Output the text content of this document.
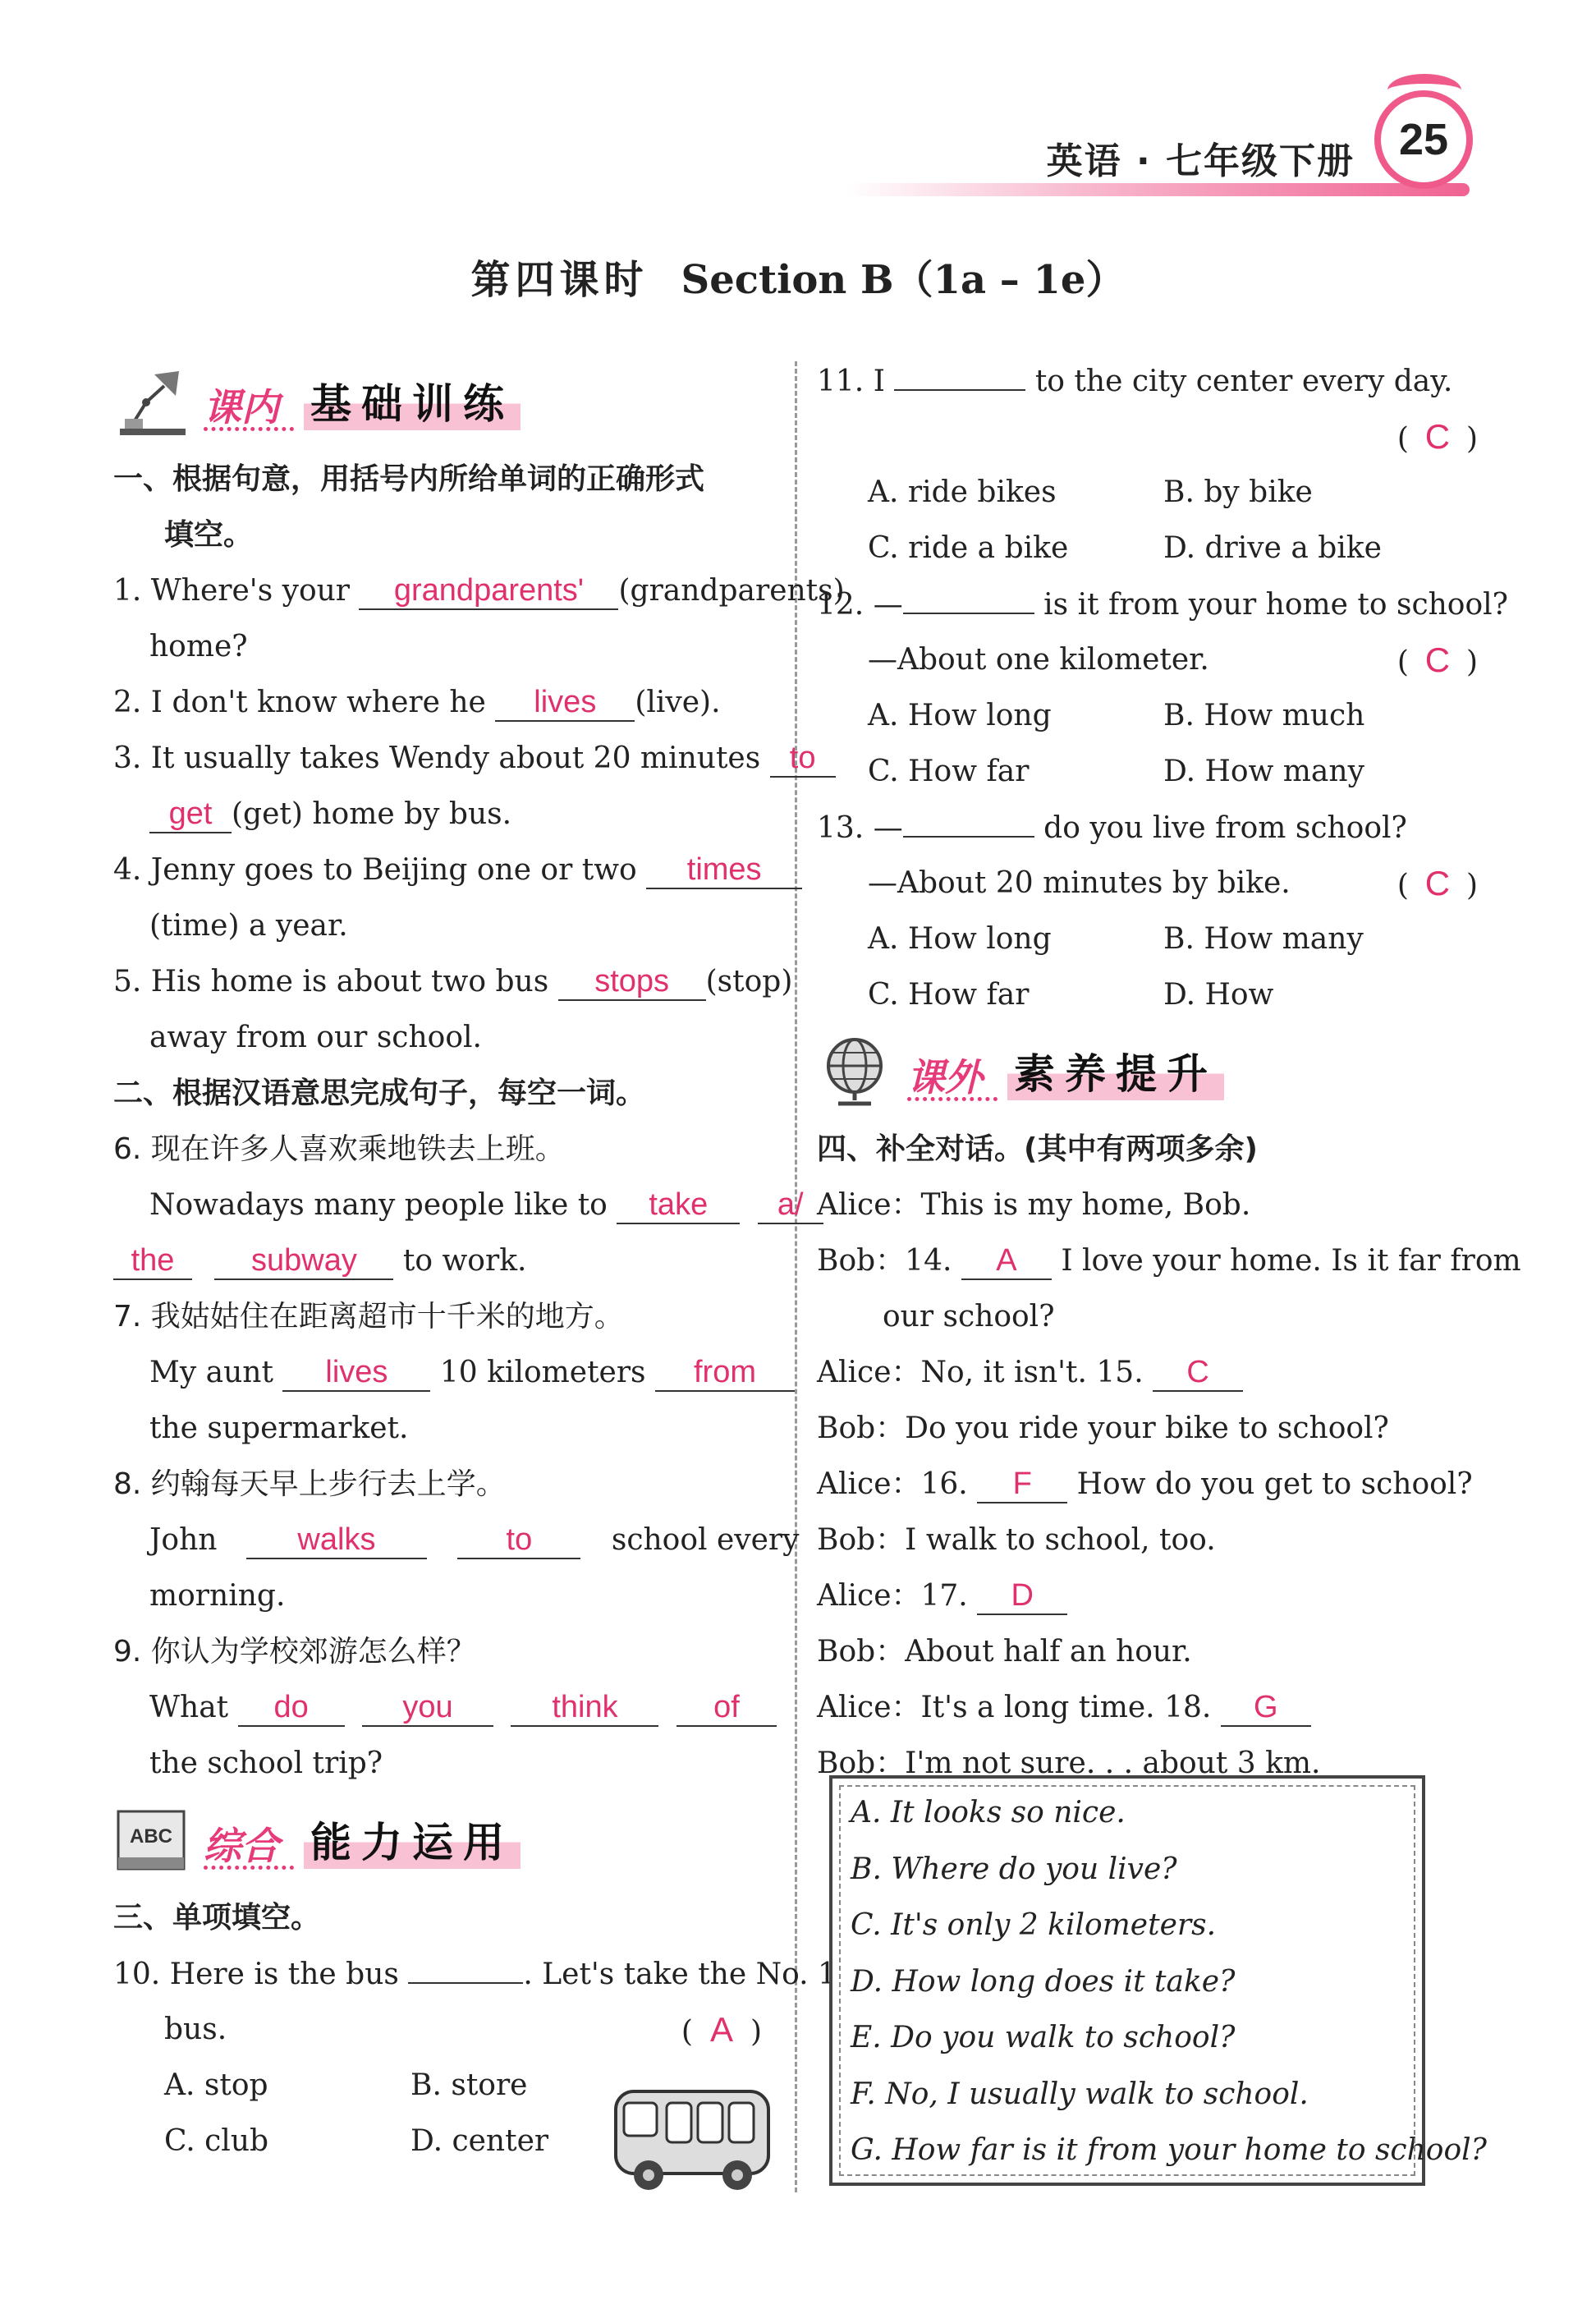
英语 · 七年级下册 25
第四课时 Section B（1a – 1e）
课内 基础训练
一、根据句意，用括号内所给单词的正确形式
填空。
1. Where's your grandparents' (grandparents)
home?
2. I don't know where he lives (live).
3. It usually takes Wendy about 20 minutes to
get (get) home by bus.
4. Jenny goes to Beijing one or two times
(time) a year.
5. His home is about two bus stops (stop)
away from our school.
二、根据汉语意思完成句子，每空一词。
6. 现在许多人喜欢乘地铁去上班。
Nowadays many people like to take a/
the subway to work.
7. 我姑姑住在距离超市十千米的地方。
My aunt lives 10 kilometers from
the supermarket.
8. 约翰每天早上步行去上学。
John	walks	to	school every
morning.
9. 你认为学校郊游怎么样？
What do	you	think	of
the school trip?
ABC 综合 能力运用
三、单项填空。
10. Here is the bus	. Let's take the No. 1
bus.	( A )
A. stop	B. store
C. club	D. center
11. I	to the city center every day.
( C )
A. ride bikes	B. by bike
C. ride a bike	D. drive a bike
12. —	is it from your home to school?
—About one kilometer.	( C )
A. How long	B. How much
C. How far	D. How many
13. —	do you live from school?
—About 20 minutes by bike.	( C )
A. How long	B. How many
C. How far	D. How
课外 素养提升
四、补全对话。(其中有两项多余)
Alice：This is my home, Bob.
Bob：14. A I love your home. Is it far from
our school?
Alice：No, it isn't. 15. C
Bob：Do you ride your bike to school?
Alice：16. F How do you get to school?
Bob：I walk to school, too.
Alice：17. D
Bob：About half an hour.
Alice：It's a long time. 18. G
Bob：I'm not sure. . . about 3 km.
A. It looks so nice.
B. Where do you live?
C. It's only 2 kilometers.
D. How long does it take?
E. Do you walk to school?
F. No, I usually walk to school.
G. How far is it from your home to school?
